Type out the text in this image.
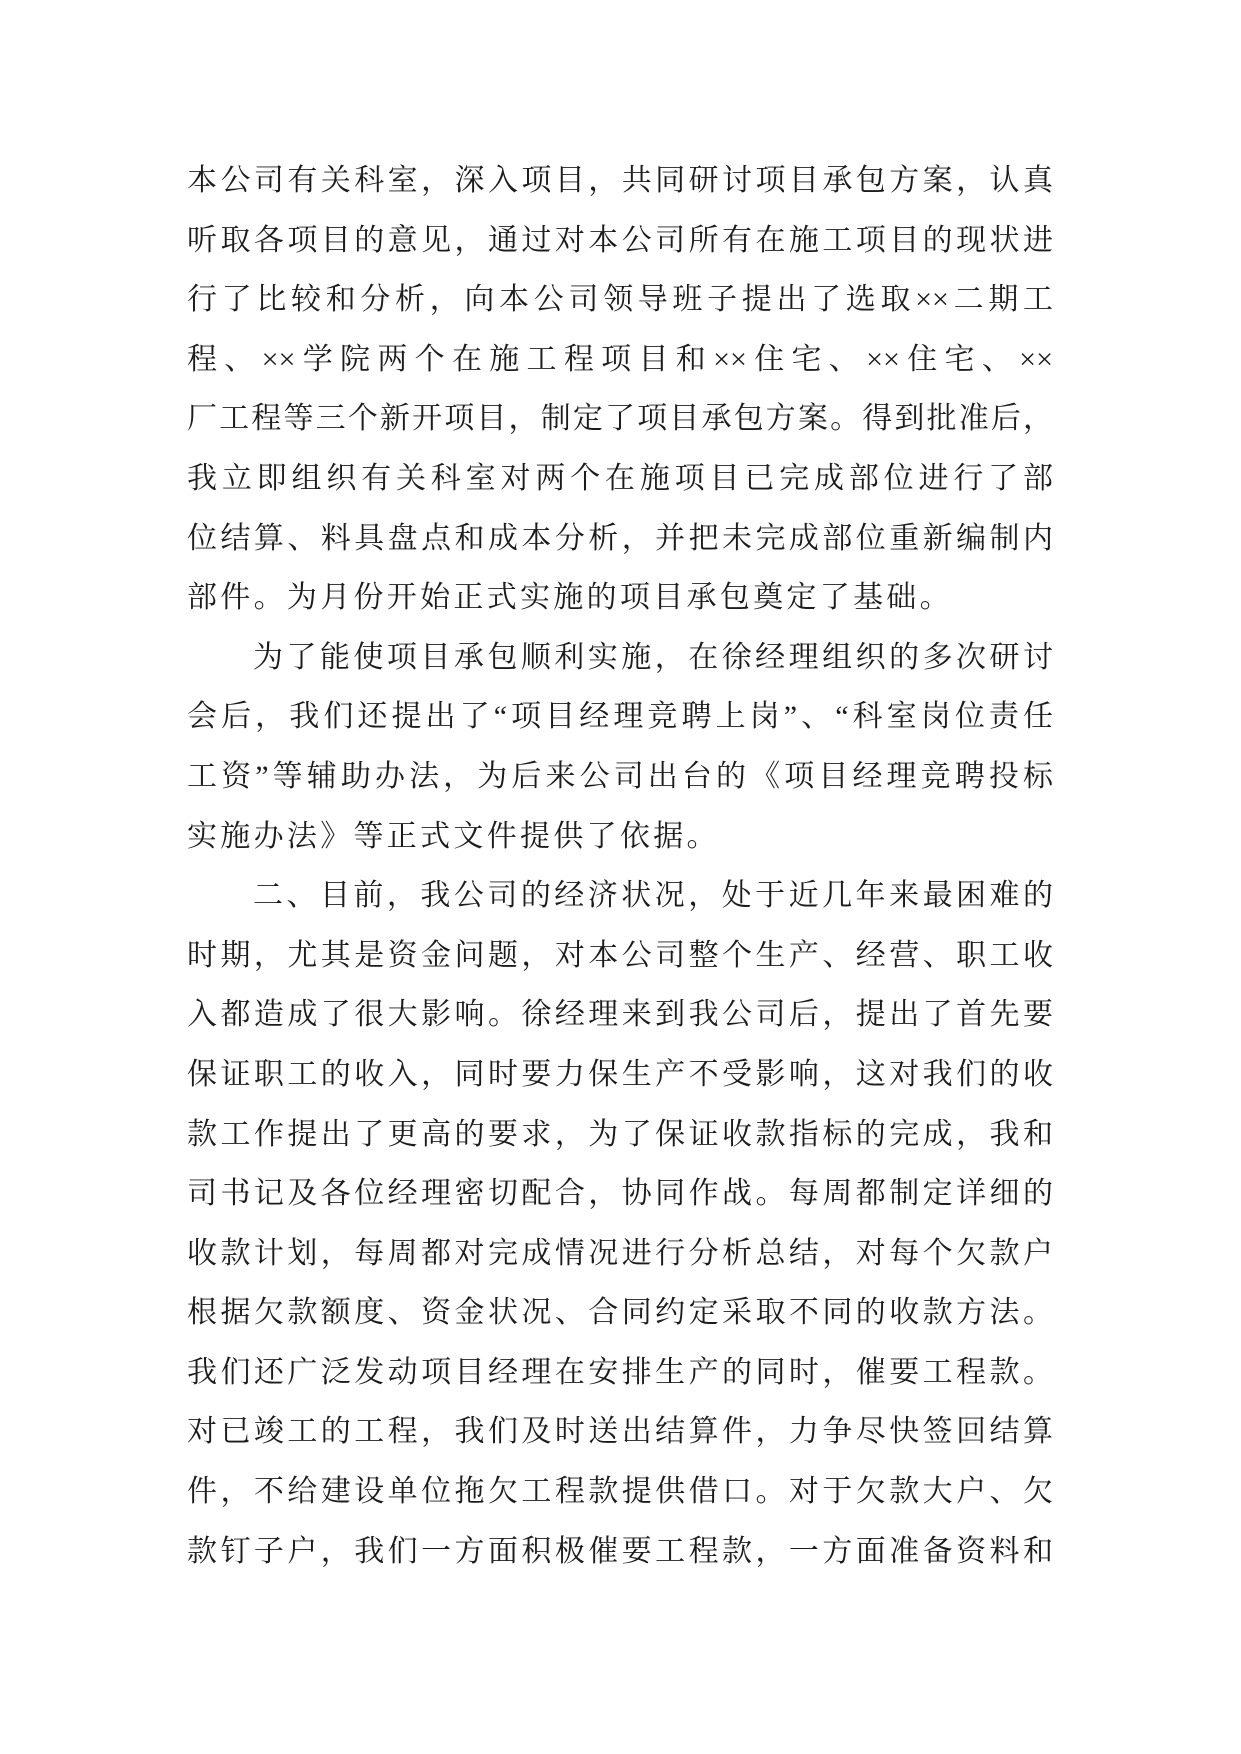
本公司有关科室，深入项目，共同研讨项目承包方案，认真
听取各项目的意见，通过对本公司所有在施工项目的现状进
行了比较和分析，向本公司领导班子提出了选取××二期工
程、××学院两个在施工程项目和××住宅、××住宅、××
厂工程等三个新开项目，制定了项目承包方案。得到批准后，
我立即组织有关科室对两个在施项目已完成部位进行了部
位结算、料具盘点和成本分析，并把未完成部位重新编制内
部件。为月份开始正式实施的项目承包奠定了基础。
为了能使项目承包顺利实施，在徐经理组织的多次研讨
会后，我们还提出了“项目经理竞聘上岗”、“科室岗位责任
工资”等辅助办法，为后来公司出台的《项目经理竞聘投标
实施办法》等正式文件提供了依据。
二、目前，我公司的经济状况，处于近几年来最困难的
时期，尤其是资金问题，对本公司整个生产、经营、职工收
入都造成了很大影响。徐经理来到我公司后，提出了首先要
保证职工的收入，同时要力保生产不受影响，这对我们的收
款工作提出了更高的要求，为了保证收款指标的完成，我和
司书记及各位经理密切配合，协同作战。每周都制定详细的
收款计划，每周都对完成情况进行分析总结，对每个欠款户
根据欠款额度、资金状况、合同约定采取不同的收款方法。
我们还广泛发动项目经理在安排生产的同时，催要工程款。
对已竣工的工程，我们及时送出结算件，力争尽快签回结算
件，不给建设单位拖欠工程款提供借口。对于欠款大户、欠
款钉子户，我们一方面积极催要工程款，一方面准备资料和
